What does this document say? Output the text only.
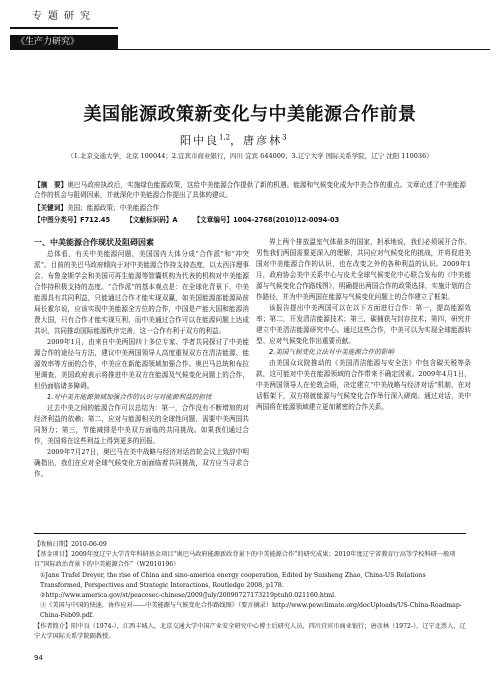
专题研究
《生产力研究》No.12.2010
美国能源政策新变化与中美能源合作前景
阳中良$^{1,2}$，唐彦林$^3$
（1.北京交通大学，北京 100044；2.宜宾市商业银行，四川 宜宾 644000；3.辽宁大学 国际关系学院，辽宁 沈阳 110036）
【摘　要】奥巴马政府执政后，实施绿色能源政策，这给中美能源合作提供了新的机遇。能源和气候变化成为中美合作的重点。文章论述了中美能源合作的机会与阻碍因素，并就深化中美能源合作提出了具体的建议。
【关键词】美国；能源政策；中美能源合作
【中图分类号】F712.45 【文献标识码】A 【文章编号】1004-2768(2010)12-0094-03

一、中美能源合作现状及阻碍因素

总体看，有关中美能源问题，美国国内大体分成“合作派”和“冲突派”。目前的美巴马政府倾向于对中美能源合作持支持态度，以太西洋理事会、布鲁金斯学会和美国可再生能源等智囊机构为代表的机构对中美能源合作持积极支持的态度。“合作派”的基本观点是：在全球化背景下，中美能源具有共同利益，只能通过合作才能实现双赢，如美国能源部能源局前局长霍尔说，应该实现中美能源全方位的合作，中国是产能大国和能源消费大国，只有合作才能实现互利，而中美通过合作可以在能源问题上达成共识，共同推动国际能源秩序完善，这一合作有利于双方的利益。

2009年1月，由来自中美两国四十多位专家、学者共同探讨了中美能源合作的途径与方法，建议中美两国领导人高度重视双方在清洁能源、能源效率等方面的合作，中美应在新能源领域加强合作。奥巴马总统和布拉里调查，美国政府表示将推进中美双方在能源及气候变化问题上的合作，但仍面临诸多障碍。

1.对中美在能源领域加强合作的认识与对能源利益的担忧

过去中美之间的能源合作可以总结为：第一，合作没有不断增加的对经济利益的依赖；第二，应对与能源相关的全球性问题，需要中美两国共同努力；第三，节能减排是中美双方面临的共同挑战。如果我们通过合作，美国将在这些利益上得到更多的回报。

2009年7月27日，奥巴马在美中战略与经济对话首轮会议上致辞中明确指出，我们在应对全球气候变化方面面临着共同挑战，双方应当寻求合作。

界上两个排放温室气体最多的国家，担承地说，我们必须展开合作。男性我们两国需要更深入的理解，共同应对气候变化的挑战，并将促进美国对中美能源合作的认识，也在改变之外的各种利益的认识。2009年1月，政府协会美中关系中心与皮尤全球气候变化中心联合发布的《中美能源与气候变化合作路线图》，明确提出两国合作的政策选择，实施计划的合作路径，并为中美两国在能源与气候变化问题上的合作建立了框架。

该报告提出中美两国可以在以下方面进行合作：第一，提高能源效率；第二，开发清洁能源技术；第三，碳捕获与封存技术；第四，研究并建立中美清洁能源研究中心。通过这些合作，中美可以为实现全球能源转型、应对气候变化作出重要贡献。

2.美国气候变化立法对中美能源合作的影响

由美国众议院推动的《美国清洁能源与安全法》中包含碳关税等条款，这可能对中美在能源领域的合作带来不确定因素。2009年4月1日，中美两国领导人在伦敦会晤，决定建立“中美战略与经济对话”机制，在对话框架下，双方将就能源与气候变化合作举行深入磋商。通过对话，美中两国将在能源领域建立更加紧密的合作关系。

【收稿日期】2010-06-09
【基金项目】2009年度辽宁大学青年科研基金项目“奥巴马政府能源新政背景下的中美能源合作”的研究成果；2010年度辽宁省教育厅高等学校科研一般项目“国际政治背景下的中美能源合作”（W2010196）
①Jane Trafel Dreyer, the rise of China and sino-america energy cooperation, Edited by Suisheng Zhao, China-US Relations Transformed, Perspectives and Strategic Interactions, Routledge 2008, p178.
②http://www.america.gov/st/peacesec-chinese/2009/July/20090727173219ptuh0.021160.html.
③《美国与中国的快速，协作应对——中美能源与气候变化合作路线图》（要言摘录）http://www.pewclimate.org/docUploads/US-China-Roadmap-China-Feb09.pdf.
【作者简介】阳中良（1974-），江西丰城人，北京交通大学中国产业安全研究中心博士后研究人员，四川宜宾市商业银行；唐彦林（1972-），辽宁北票人，辽宁大学国际关系学院副教授。
94
